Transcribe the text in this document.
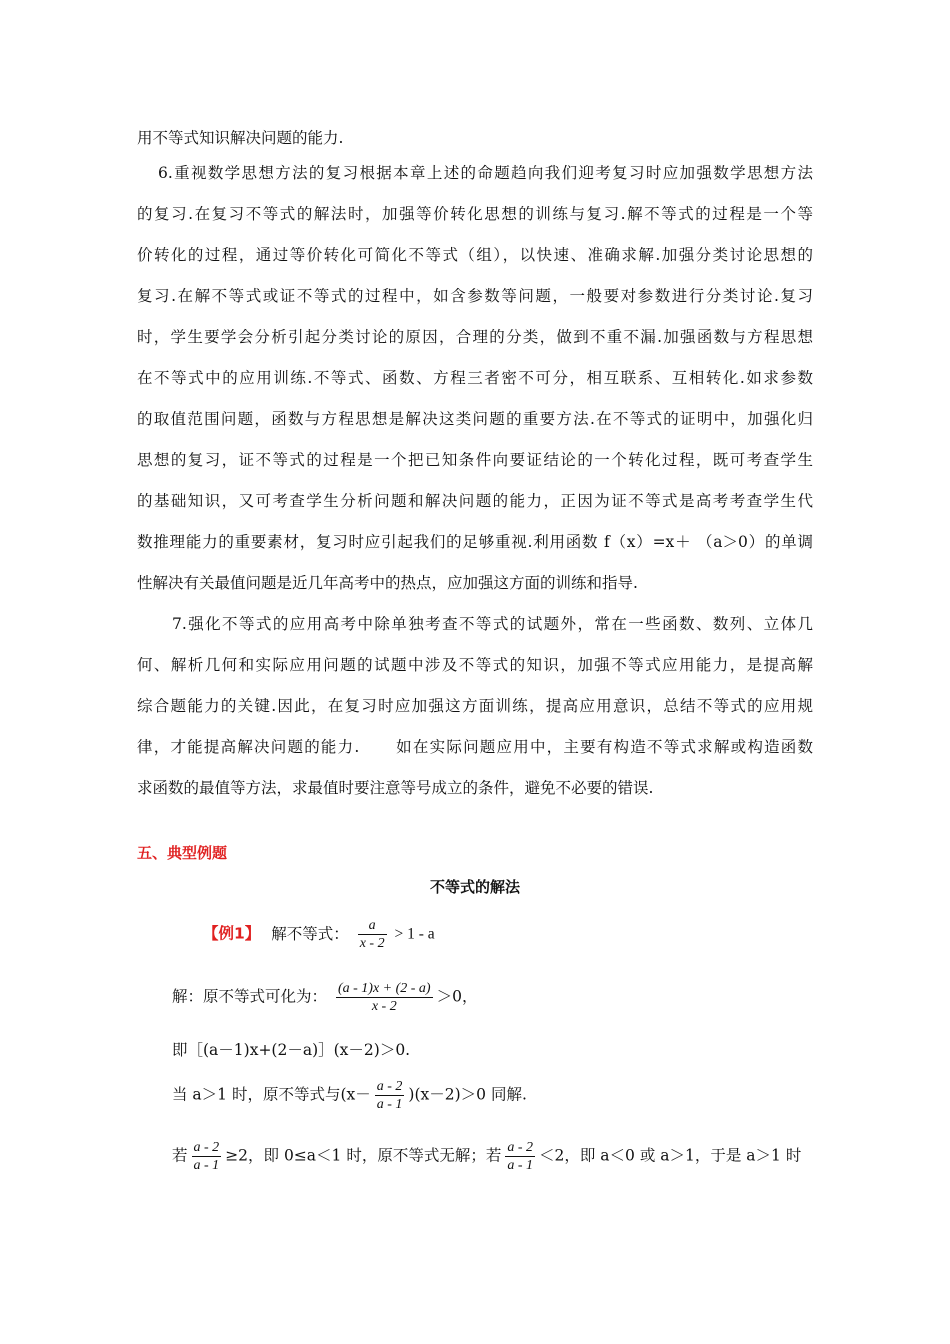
用不等式知识解决问题的能力.
6.重视数学思想方法的复习根据本章上述的命题趋向我们迎考复习时应加强数学思想方法
的复习.在复习不等式的解法时，加强等价转化思想的训练与复习.解不等式的过程是一个等
价转化的过程，通过等价转化可简化不等式（组），以快速、准确求解.加强分类讨论思想的
复习.在解不等式或证不等式的过程中，如含参数等问题，一般要对参数进行分类讨论.复习
时，学生要学会分析引起分类讨论的原因，合理的分类，做到不重不漏.加强函数与方程思想
在不等式中的应用训练.不等式、函数、方程三者密不可分，相互联系、互相转化.如求参数
的取值范围问题，函数与方程思想是解决这类问题的重要方法.在不等式的证明中，加强化归
思想的复习，证不等式的过程是一个把已知条件向要证结论的一个转化过程，既可考查学生
的基础知识，又可考查学生分析问题和解决问题的能力，正因为证不等式是高考考查学生代
数推理能力的重要素材，复习时应引起我们的足够重视.利用函数 f（x）=x＋ （a＞0）的单调
性解决有关最值问题是近几年高考中的热点，应加强这方面的训练和指导.
7.强化不等式的应用高考中除单独考查不等式的试题外，常在一些函数、数列、立体几
何、解析几何和实际应用问题的试题中涉及不等式的知识，加强不等式应用能力，是提高解
综合题能力的关键.因此，在复习时应加强这方面训练，提高应用意识，总结不等式的应用规
律，才能提高解决问题的能力.      如在实际问题应用中，主要有构造不等式求解或构造函数
求函数的最值等方法，求最值时要注意等号成立的条件，避免不必要的错误.
五、典型例题
不等式的解法
【例1】 解不等式： $\frac{a}{x - 2} > 1 - a$
解：原不等式可化为： $\frac{(a - 1)x + (2 - a)}{x - 2} >0$，
即［(a－1)x+(2－a)］(x－2)＞0.
当 a＞1 时，原不等式与$(x- \frac{a - 2}{a - 1} )(x-2)>0$ 同解.
若 $\frac{a - 2}{a - 1} \ge 2$，即 0≤a＜1 时，原不等式无解；若 $\frac{a - 2}{a - 1} <2$，即 a＜0 或 a＞1，于是 a＞1 时
